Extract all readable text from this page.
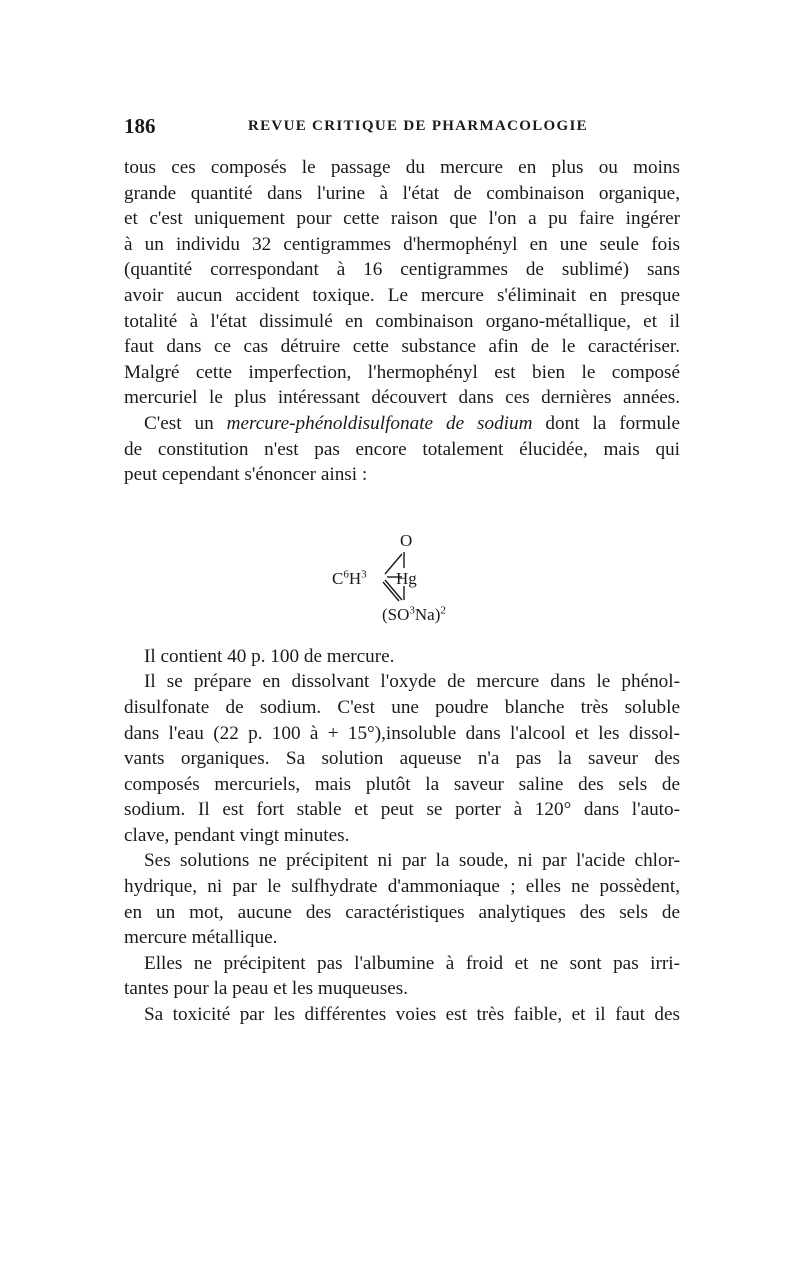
186	REVUE CRITIQUE DE PHARMACOLOGIE

tous ces composés le passage du mercure en plus ou moins
grande quantité dans l'urine à l'état de combinaison organique,
et c'est uniquement pour cette raison que l'on a pu faire ingérer
à un individu 32 centigrammes d'hermophényl en une seule fois
(quantité correspondant à 16 centigrammes de sublimé) sans
avoir aucun accident toxique. Le mercure s'éliminait en presque
totalité à l'état dissimulé en combinaison organo-métallique, et il
faut dans ce cas détruire cette substance afin de le caractériser.
Malgré cette imperfection, l'hermophényl est bien le composé
mercuriel le plus intéressant découvert dans ces dernières années.

C'est un mercure-phénoldisulfonate de sodium dont la formule
de constitution n'est pas encore totalement élucidée, mais qui
peut cependant s'énoncer ainsi :

O
$C^6H^3$ Hg
$(SO^3Na)^2$

Il contient 40 p. 100 de mercure.

Il se prépare en dissolvant l'oxyde de mercure dans le phénol-
disulfonate de sodium. C'est une poudre blanche très soluble
dans l'eau (22 p. 100 à + 15°),insoluble dans l'alcool et les dissol-
vants organiques. Sa solution aqueuse n'a pas la saveur des
composés mercuriels, mais plutôt la saveur saline des sels de
sodium. Il est fort stable et peut se porter à 120° dans l'auto-
clave, pendant vingt minutes.

Ses solutions ne précipitent ni par la soude, ni par l'acide chlor-
hydrique, ni par le sulfhydrate d'ammoniaque ; elles ne possèdent,
en un mot, aucune des caractéristiques analytiques des sels de
mercure métallique.

Elles ne précipitent pas l'albumine à froid et ne sont pas irri-
tantes pour la peau et les muqueuses.

Sa toxicité par les différentes voies est très faible, et il faut des
